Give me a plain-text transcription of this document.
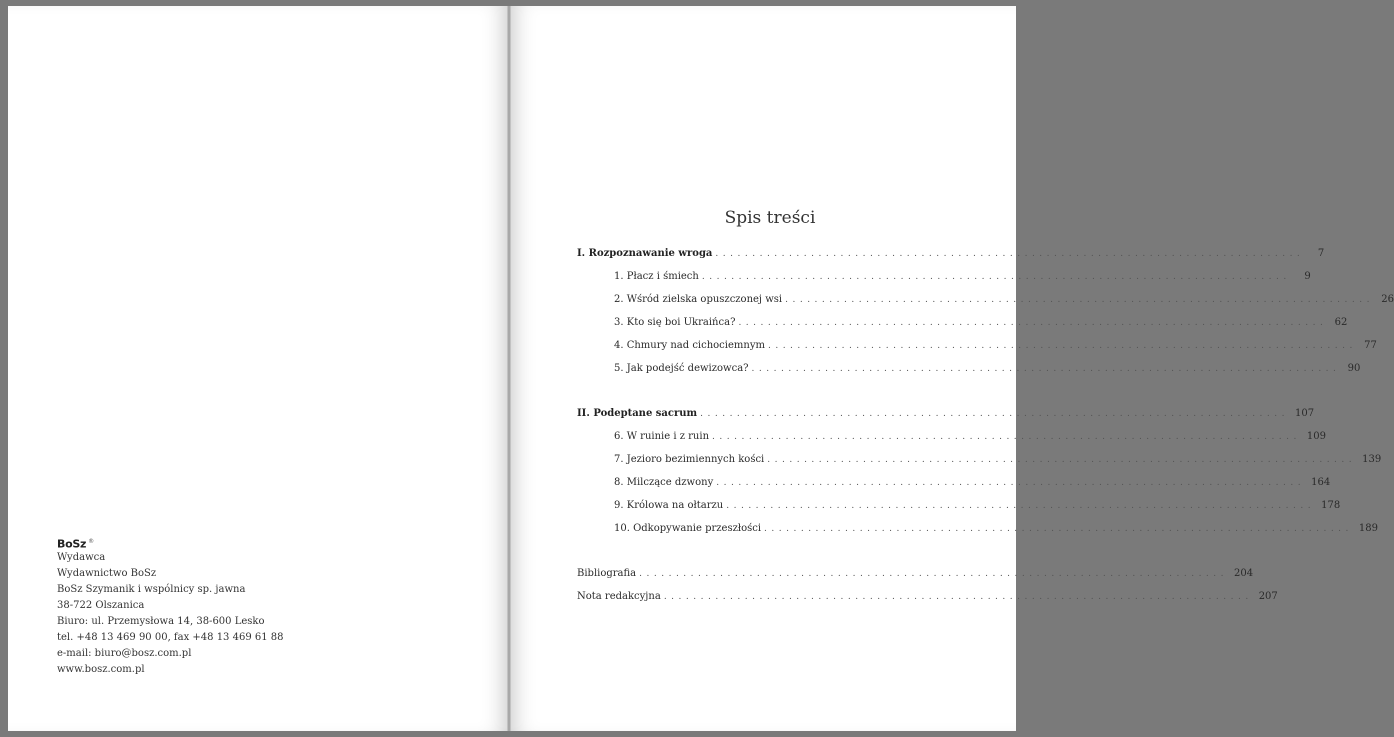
BoSz ®
Wydawca
Wydawnictwo BoSz
BoSz Szymanik i wspólnicy sp. jawna
38-722 Olszanica
Biuro: ul. Przemysłowa 14, 38-600 Lesko
tel. +48 13 469 90 00, fax +48 13 469 61 88
e-mail: biuro@bosz.com.pl
www.bosz.com.pl
Spis treści
I. Rozpoznawanie wroga ................................................................................	7
1. Płacz i śmiech ................................................................................	9
2. Wśród zielska opuszczonej wsi ................................................................................ 26
3. Kto się boi Ukraińca? ................................................................................ 62
4. Chmury nad cichociemnym ................................................................................ 77
5. Jak podejść dewizowca? ................................................................................ 90
II. Podeptane sacrum ................................................................................ 107
6. W ruinie i z ruin ................................................................................ 109
7. Jezioro bezimiennych kości ................................................................................ 139
8. Milczące dzwony ................................................................................ 164
9. Królowa na ołtarzu ................................................................................ 178
10. Odkopywanie przeszłości ................................................................................ 189
Bibliografia ................................................................................ 204
Nota redakcyjna ................................................................................ 207
